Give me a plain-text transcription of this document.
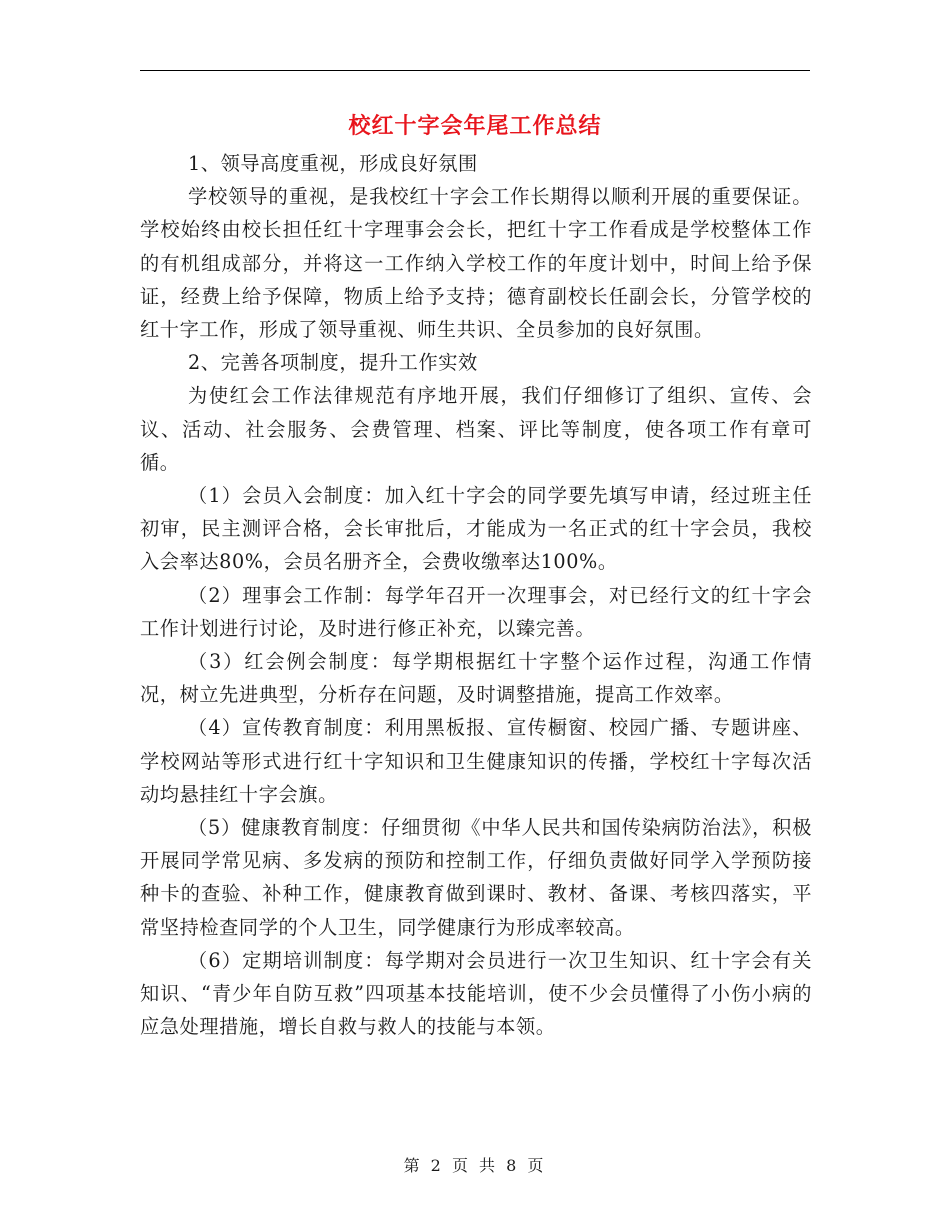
校红十字会年尾工作总结

1、领导高度重视，形成良好氛围

学校领导的重视，是我校红十字会工作长期得以顺利开展的重要保证。学校始终由校长担任红十字理事会会长，把红十字工作看成是学校整体工作的有机组成部分，并将这一工作纳入学校工作的年度计划中，时间上给予保证，经费上给予保障，物质上给予支持；德育副校长任副会长，分管学校的红十字工作，形成了领导重视、师生共识、全员参加的良好氛围。

2、完善各项制度，提升工作实效

为使红会工作法律规范有序地开展，我们仔细修订了组织、宣传、会议、活动、社会服务、会费管理、档案、评比等制度，使各项工作有章可循。

（1）会员入会制度：加入红十字会的同学要先填写申请，经过班主任初审，民主测评合格，会长审批后，才能成为一名正式的红十字会员，我校入会率达80%，会员名册齐全，会费收缴率达100%。

（2）理事会工作制：每学年召开一次理事会，对已经行文的红十字会工作计划进行讨论，及时进行修正补充，以臻完善。

（3）红会例会制度：每学期根据红十字整个运作过程，沟通工作情况，树立先进典型，分析存在问题，及时调整措施，提高工作效率。

（4）宣传教育制度：利用黑板报、宣传橱窗、校园广播、专题讲座、学校网站等形式进行红十字知识和卫生健康知识的传播，学校红十字每次活动均悬挂红十字会旗。

（5）健康教育制度：仔细贯彻《中华人民共和国传染病防治法》，积极开展同学常见病、多发病的预防和控制工作，仔细负责做好同学入学预防接种卡的查验、补种工作，健康教育做到课时、教材、备课、考核四落实，平常坚持检查同学的个人卫生，同学健康行为形成率较高。

（6）定期培训制度：每学期对会员进行一次卫生知识、红十字会有关知识、“青少年自防互救”四项基本技能培训，使不少会员懂得了小伤小病的应急处理措施，增长自救与救人的技能与本领。

第 2 页 共 8 页
